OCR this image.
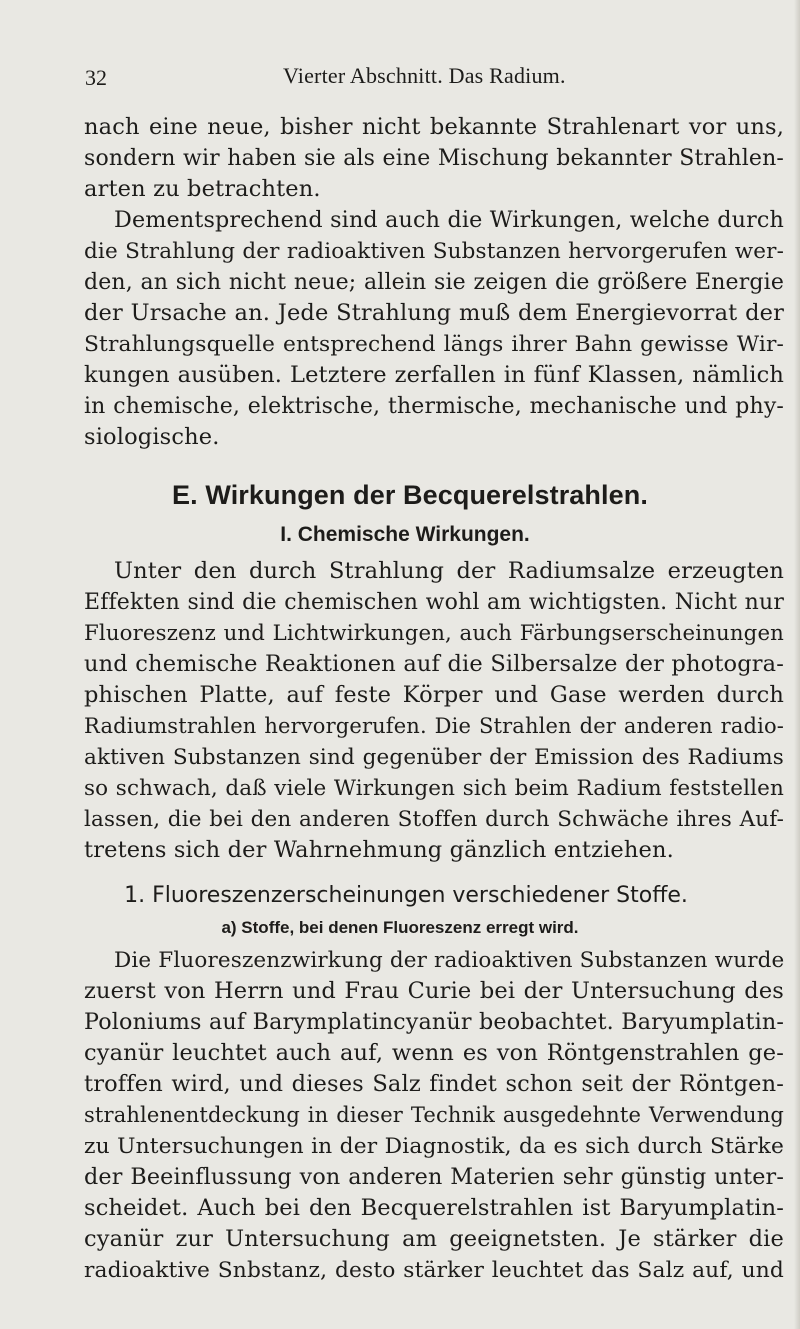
32	Vierter Abschnitt. Das Radium.
nach eine neue, bisher nicht bekannte Strahlenart vor uns,
sondern wir haben sie als eine Mischung bekannter Strahlen-
arten zu betrachten.
Dementsprechend sind auch die Wirkungen, welche durch
die Strahlung der radioaktiven Substanzen hervorgerufen wer-
den, an sich nicht neue; allein sie zeigen die größere Energie
der Ursache an. Jede Strahlung muß dem Energievorrat der
Strahlungsquelle entsprechend längs ihrer Bahn gewisse Wir-
kungen ausüben. Letztere zerfallen in fünf Klassen, nämlich
in chemische, elektrische, thermische, mechanische und phy-
siologische.
E. Wirkungen der Becquerelstrahlen.
I. Chemische Wirkungen.
Unter den durch Strahlung der Radiumsalze erzeugten
Effekten sind die chemischen wohl am wichtigsten. Nicht nur
Fluoreszenz und Lichtwirkungen, auch Färbungserscheinungen
und chemische Reaktionen auf die Silbersalze der photogra-
phischen Platte, auf feste Körper und Gase werden durch
Radiumstrahlen hervorgerufen. Die Strahlen der anderen radio-
aktiven Substanzen sind gegenüber der Emission des Radiums
so schwach, daß viele Wirkungen sich beim Radium feststellen
lassen, die bei den anderen Stoffen durch Schwäche ihres Auf-
tretens sich der Wahrnehmung gänzlich entziehen.
1. Fluoreszenzerscheinungen verschiedener Stoffe.
a) Stoffe, bei denen Fluoreszenz erregt wird.
Die Fluoreszenzwirkung der radioaktiven Substanzen wurde
zuerst von Herrn und Frau Curie bei der Untersuchung des
Poloniums auf Barymplatincyanür beobachtet. Baryumplatin-
cyanür leuchtet auch auf, wenn es von Röntgenstrahlen ge-
troffen wird, und dieses Salz findet schon seit der Röntgen-
strahlenentdeckung in dieser Technik ausgedehnte Verwendung
zu Untersuchungen in der Diagnostik, da es sich durch Stärke
der Beeinflussung von anderen Materien sehr günstig unter-
scheidet. Auch bei den Becquerelstrahlen ist Baryumplatin-
cyanür zur Untersuchung am geeignetsten. Je stärker die
radioaktive Snbstanz, desto stärker leuchtet das Salz auf, und
